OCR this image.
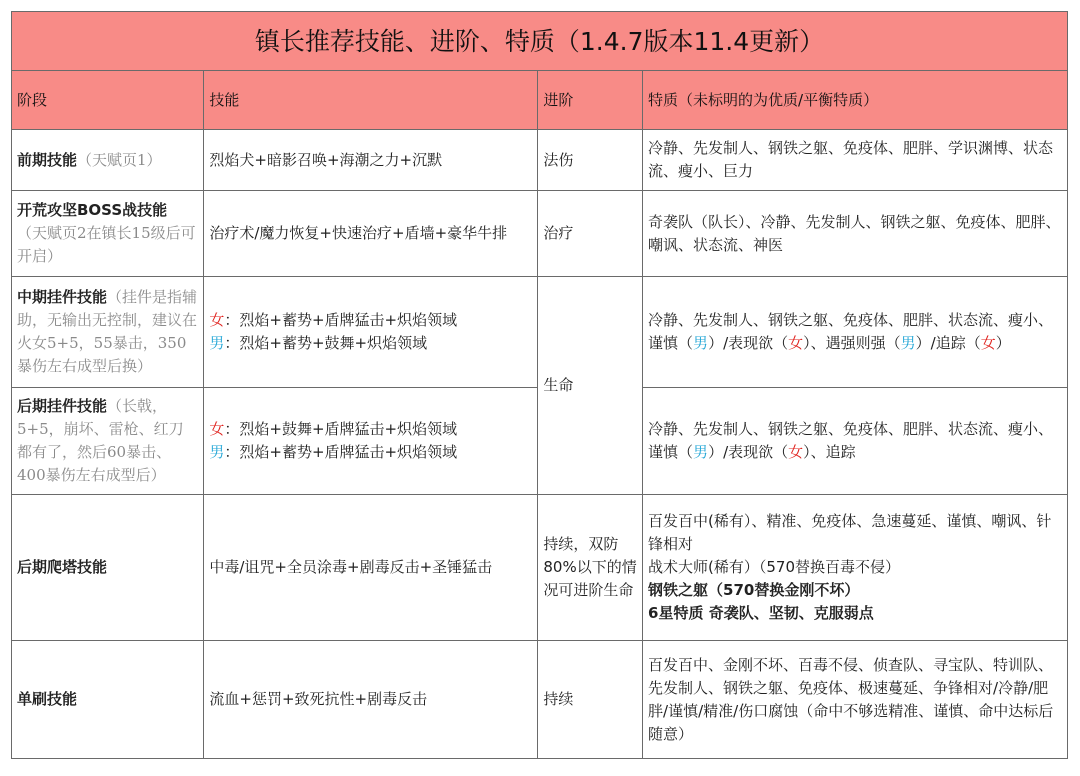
镇长推荐技能、进阶、特质（1.4.7版本11.4更新）			
阶段	技能	进阶	特质（未标明的为优质/平衡特质）
前期技能（天赋页1）	烈焰犬+暗影召唤+海潮之力+沉默	法伤	冷静、先发制人、钢铁之躯、免疫体、肥胖、学识渊博、状态流、瘦小、巨力
开荒攻坚BOSS战技能
（天赋页2在镇长15级后可开启）	治疗术/魔力恢复+快速治疗+盾墙+豪华牛排	治疗	奇袭队（队长）、冷静、先发制人、钢铁之躯、免疫体、肥胖、嘲讽、状态流、神医

中期挂件技能（挂件是指辅助，无输出无控制，建议在火女5+5，55暴击，350暴伤左右成型后换）	女：烈焰+蓄势+盾牌猛击+炽焰领域
男：烈焰+蓄势+鼓舞+炽焰领域	生命	冷静、先发制人、钢铁之躯、免疫体、肥胖、状态流、瘦小、谨慎（男）/表现欲（女）、遇强则强（男）/追踪（女）
后期挂件技能（长戟，5+5，崩坏、雷枪、红刀都有了，然后60暴击、400暴伤左右成型后）	女：烈焰+鼓舞+盾牌猛击+炽焰领域
男：烈焰+蓄势+盾牌猛击+炽焰领域		冷静、先发制人、钢铁之躯、免疫体、肥胖、状态流、瘦小、谨慎（男）/表现欲（女）、追踪
后期爬塔技能	中毒/诅咒+全员涂毒+剧毒反击+圣锤猛击	持续，双防80%以下的情况可进阶生命	百发百中(稀有）、精准、免疫体、急速蔓延、谨慎、嘲讽、针锋相对
战术大师(稀有）（570替换百毒不侵）
钢铁之躯（570替换金刚不坏）
6星特质 奇袭队、坚韧、克服弱点

单刷技能	流血+惩罚+致死抗性+剧毒反击	持续	百发百中、金刚不坏、百毒不侵、侦查队、寻宝队、特训队、先发制人、钢铁之躯、免疫体、极速蔓延、争锋相对/冷静/肥胖/谨慎/精准/伤口腐蚀（命中不够选精准、谨慎、命中达标后随意）
